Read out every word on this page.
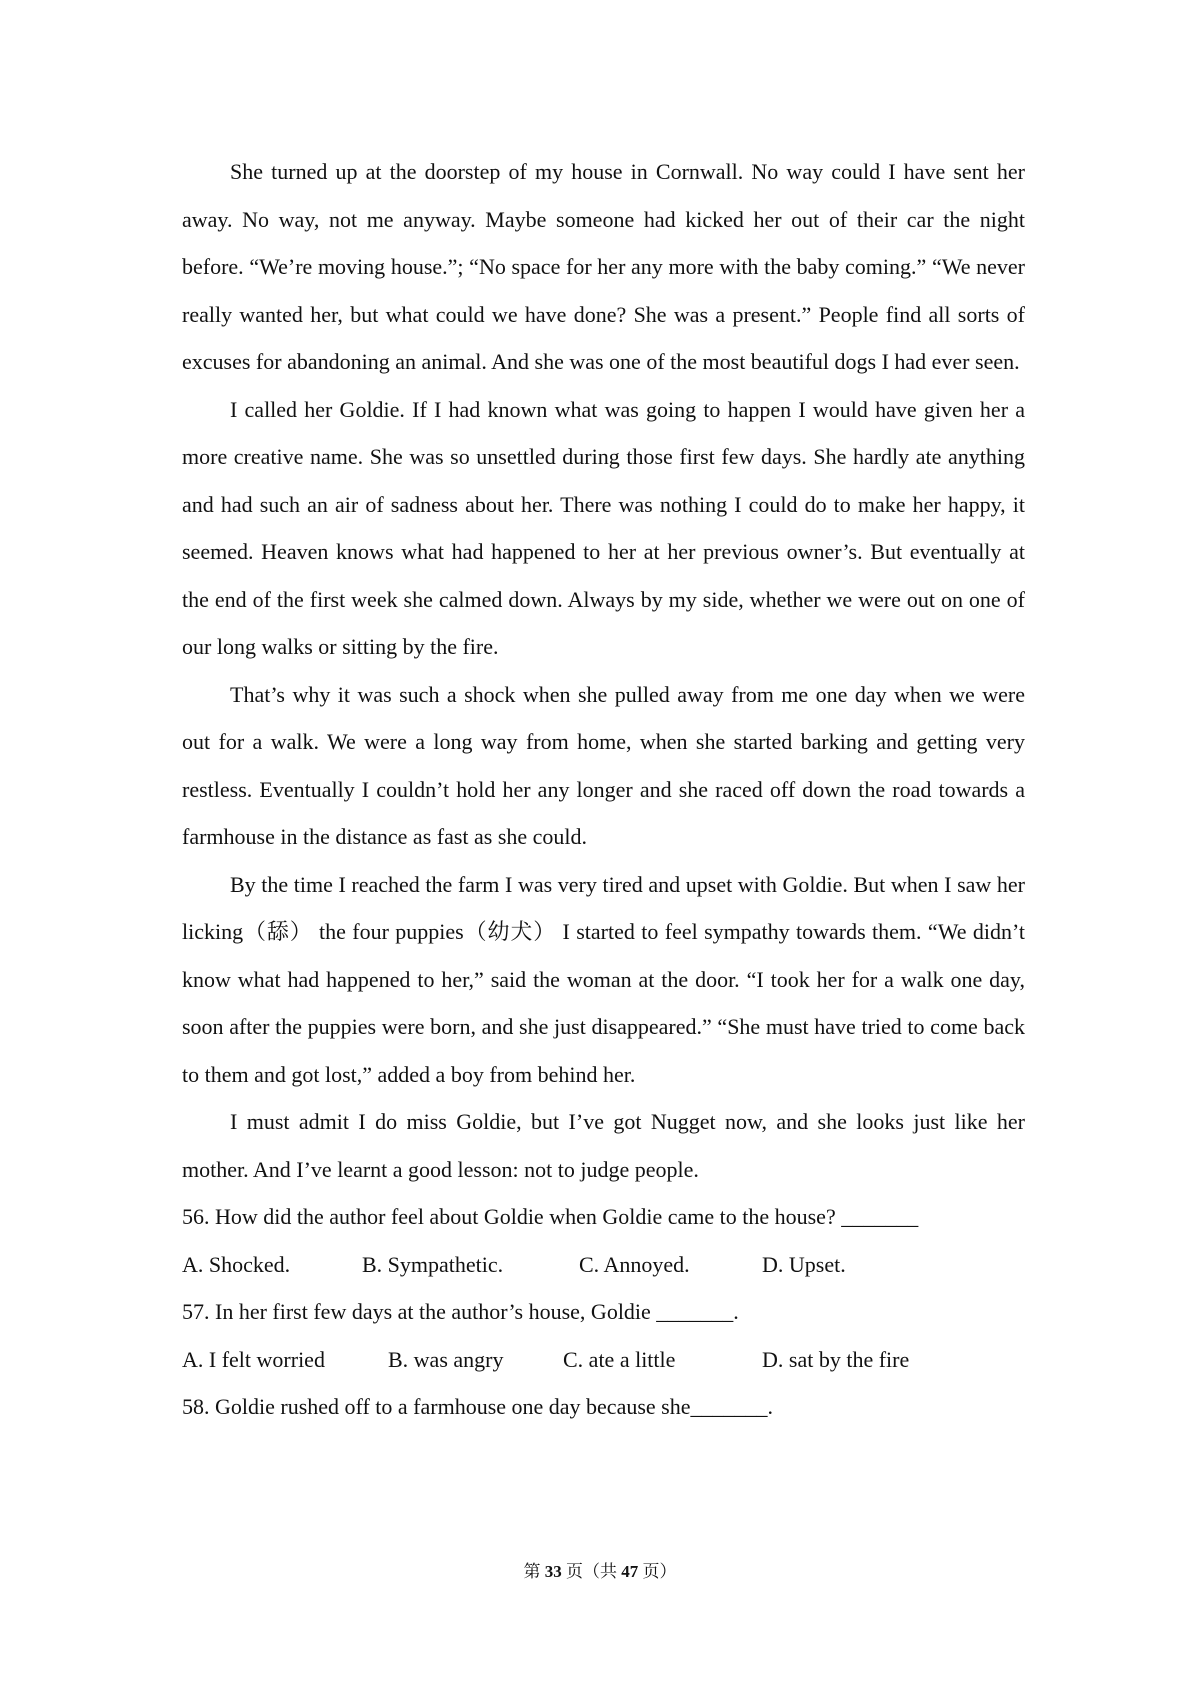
She turned up at the doorstep of my house in Cornwall. No way could I have sent her away. No way, not me anyway. Maybe someone had kicked her out of their car the night before. “We’re moving house.”; “No space for her any more with the baby coming.” “We never really wanted her, but what could we have done? She was a present.” People find all sorts of excuses for abandoning an animal. And she was one of the most beautiful dogs I had ever seen.

I called her Goldie. If I had known what was going to happen I would have given her a more creative name. She was so unsettled during those first few days. She hardly ate anything and had such an air of sadness about her. There was nothing I could do to make her happy, it seemed. Heaven knows what had happened to her at her previous owner’s. But eventually at the end of the first week she calmed down. Always by my side, whether we were out on one of our long walks or sitting by the fire.

That’s why it was such a shock when she pulled away from me one day when we were out for a walk. We were a long way from home, when she started barking and getting very restless. Eventually I couldn’t hold her any longer and she raced off down the road towards a farmhouse in the distance as fast as she could.

By the time I reached the farm I was very tired and upset with Goldie. But when I saw her licking（舔） the four puppies（幼犬） I started to feel sympathy towards them. “We didn’t know what had happened to her,” said the woman at the door. “I took her for a walk one day, soon after the puppies were born, and she just disappeared.” “She must have tried to come back to them and got lost,” added a boy from behind her.

I must admit I do miss Goldie, but I’ve got Nugget now, and she looks just like her mother. And I’ve learnt a good lesson: not to judge people.

56. How did the author feel about Goldie when Goldie came to the house? _______

A. Shocked.	B. Sympathetic.	C. Annoyed.	D. Upset.

57. In her first few days at the author’s house, Goldie _______.

A. I felt worried	B. was angry	C. ate a little	D. sat by the fire

58. Goldie rushed off to a farmhouse one day because she_______.

第 33 页（共 47 页）
